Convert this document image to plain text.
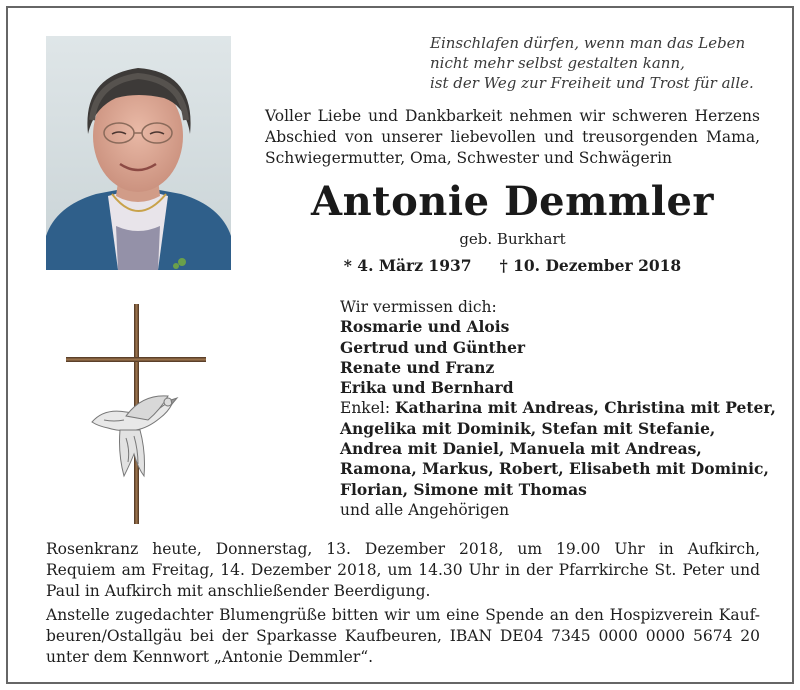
Einschlafen dürfen, wenn man das Leben
nicht mehr selbst gestalten kann,
ist der Weg zur Freiheit und Trost für alle.
Voller Liebe und Dankbarkeit nehmen wir schweren Herzens
Abschied von unserer liebevollen und treusorgenden Mama,
Schwiegermutter, Oma, Schwester und Schwägerin
Antonie Demmler
geb. Burkhart
* 4. März 1937 † 10. Dezember 2018
Wir vermissen dich:
Rosmarie und Alois
Gertrud und Günther
Renate und Franz
Erika und Bernhard
Enkel: Katharina mit Andreas, Christina mit Peter,
Angelika mit Dominik, Stefan mit Stefanie,
Andrea mit Daniel, Manuela mit Andreas,
Ramona, Markus, Robert, Elisabeth mit Dominic,
Florian, Simone mit Thomas
und alle Angehörigen
Rosenkranz heute, Donnerstag, 13. Dezember 2018, um 19.00 Uhr in Aufkirch,
Requiem am Freitag, 14. Dezember 2018, um 14.30 Uhr in der Pfarrkirche St. Peter und
Paul in Aufkirch mit anschließender Beerdigung.
Anstelle zugedachter Blumengrüße bitten wir um eine Spende an den Hospizverein Kauf-
beuren/Ostallgäu bei der Sparkasse Kaufbeuren, IBAN DE04 7345 0000 0000 5674 20
unter dem Kennwort „Antonie Demmler“.
